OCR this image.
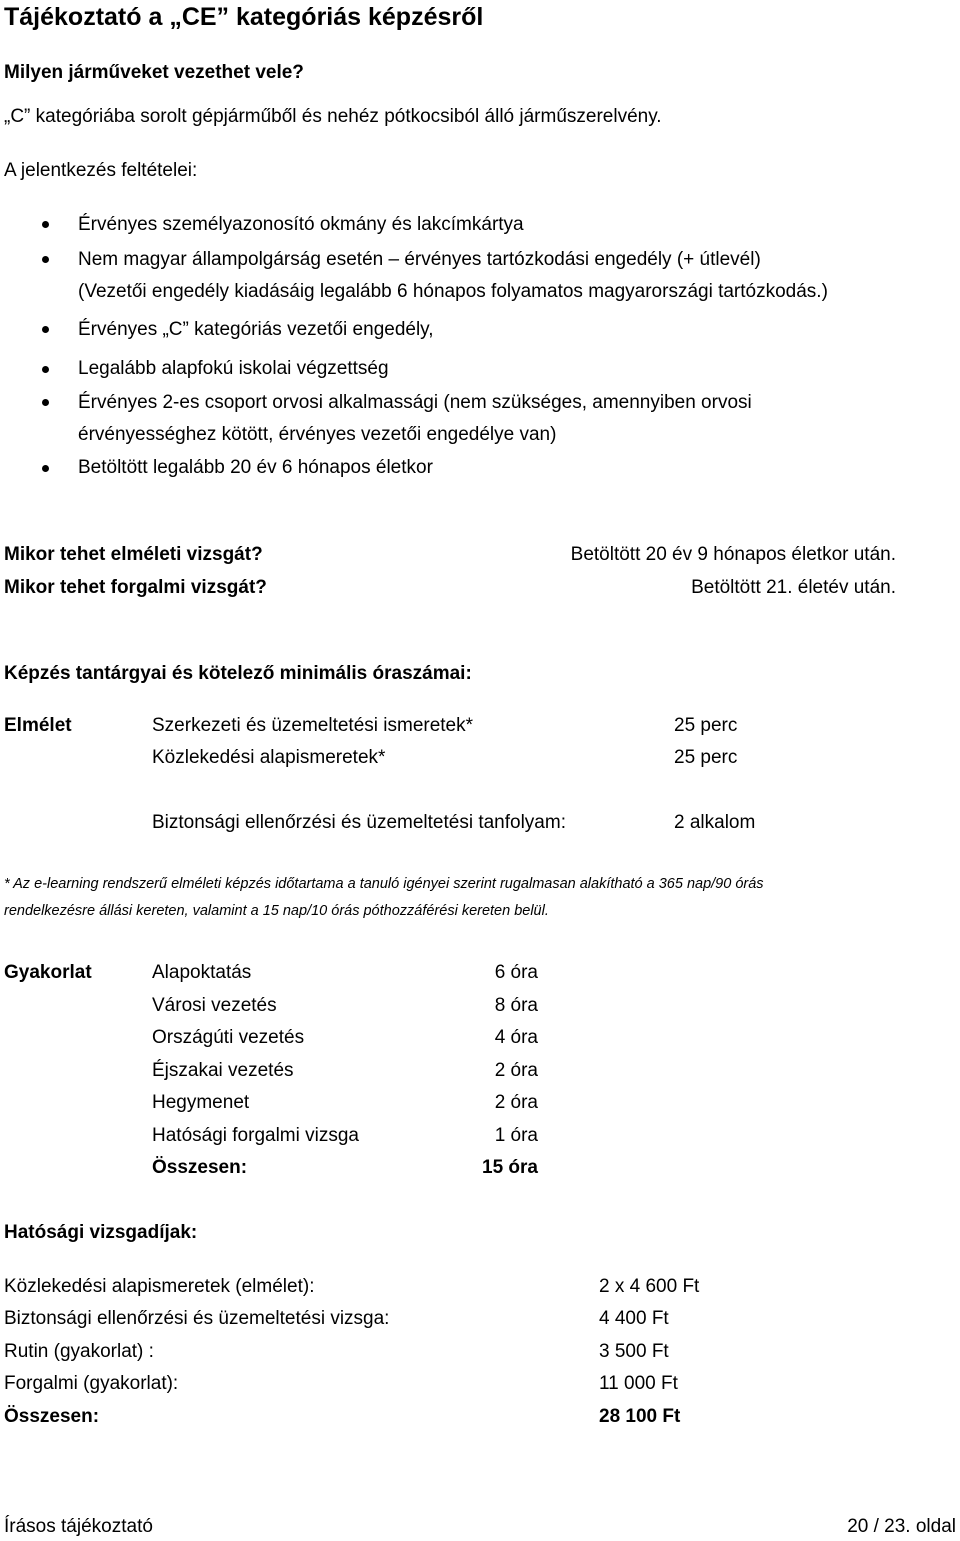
Tájékoztató a „CE” kategóriás képzésről
Milyen járműveket vezethet vele?
„C” kategóriába sorolt gépjárműből és nehéz pótkocsiból álló járműszerelvény.
A jelentkezés feltételei:
Érvényes személyazonosító okmány és lakcímkártya
Nem magyar állampolgárság esetén – érvényes tartózkodási engedély (+ útlevél)
(Vezetői engedély kiadásáig legalább 6 hónapos folyamatos magyarországi tartózkodás.)
Érvényes „C” kategóriás vezetői engedély,
Legalább alapfokú iskolai végzettség
Érvényes 2-es csoport orvosi alkalmassági (nem szükséges, amennyiben orvosi
érvényességhez kötött, érvényes vezetői engedélye van)
Betöltött legalább 20 év 6 hónapos életkor
Mikor tehet elméleti vizsgát?	Betöltött 20 év 9 hónapos életkor után.
Mikor tehet forgalmi vizsgát?	Betöltött 21. életév után.
Képzés tantárgyai és kötelező minimális óraszámai:
Elmélet	Szerkezeti és üzemeltetési ismeretek*	25 perc
Közlekedési alapismeretek*	25 perc
Biztonsági ellenőrzési és üzemeltetési tanfolyam:	2 alkalom
* Az e-learning rendszerű elméleti képzés időtartama a tanuló igényei szerint rugalmasan alakítható a 365 nap/90 órás
rendelkezésre állási kereten, valamint a 15 nap/10 órás póthozzáférési kereten belül.
Gyakorlat	Alapoktatás	6 óra
Városi vezetés	8 óra
Országúti vezetés	4 óra
Éjszakai vezetés	2 óra
Hegymenet	2 óra
Hatósági forgalmi vizsga	1 óra
Összesen:	15 óra
Hatósági vizsgadíjak:
Közlekedési alapismeretek (elmélet):	2 x 4 600 Ft
Biztonsági ellenőrzési és üzemeltetési vizsga:	4 400 Ft
Rutin (gyakorlat) :	3 500 Ft
Forgalmi (gyakorlat):	11 000 Ft
Összesen:	28 100 Ft
Írásos tájékoztató	20 / 23. oldal
